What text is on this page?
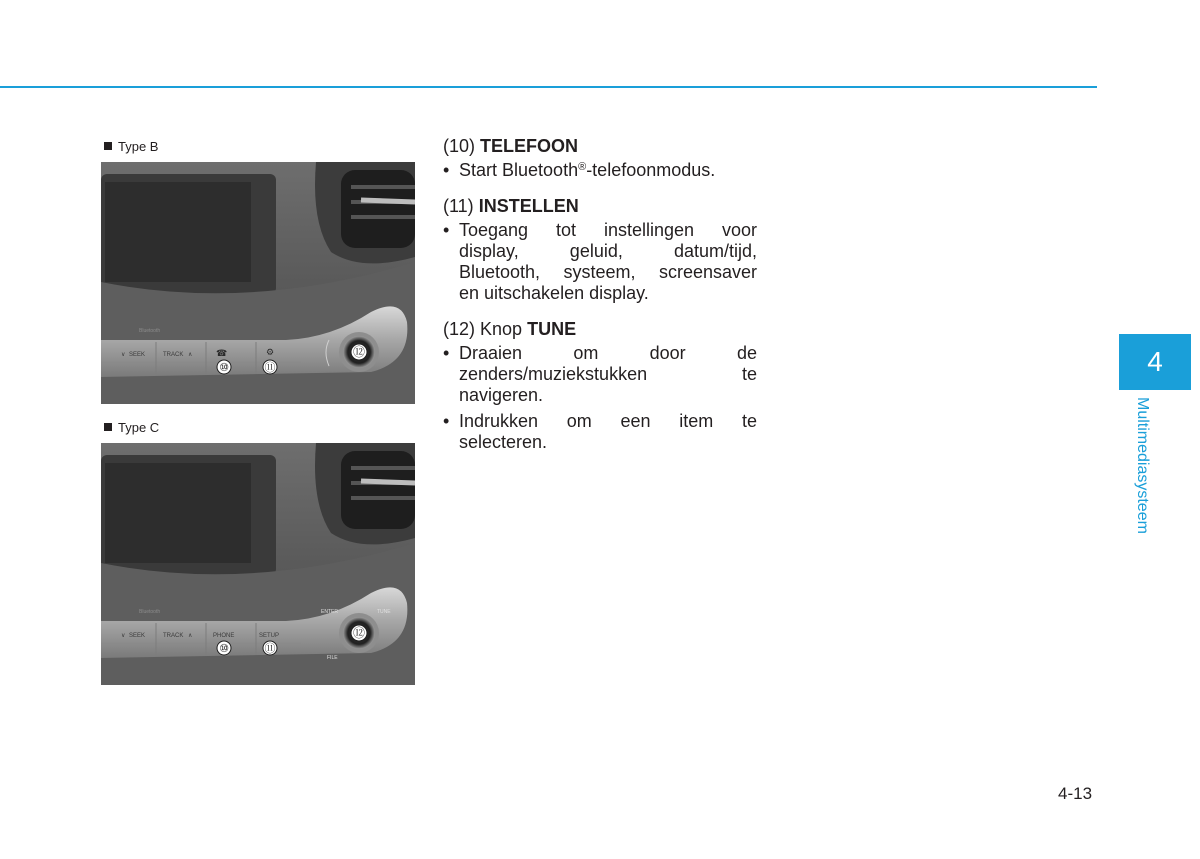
Type B
∨ SEEK	TRACK ∧	☎	⚙
Bluetooth
⑩	⑪
⑫
Type C
∨ SEEK	TRACK ∧	PHONE	SETUP
Bluetooth	ENTER	TUNE
FILE
⑩	⑪
⑫
(10) TELEFOON
• Start Bluetooth®-telefoonmodus.
(11) INSTELLEN
• Toegang tot instellingen voor
display, geluid, datum/tijd,
Bluetooth, systeem, screensaver
en uitschakelen display.
(12) Knop TUNE
• Draaien om door de
zenders/muziekstukken te
navigeren.
• Indrukken om een item te
selecteren.
4
Multimediasysteem
4-13
